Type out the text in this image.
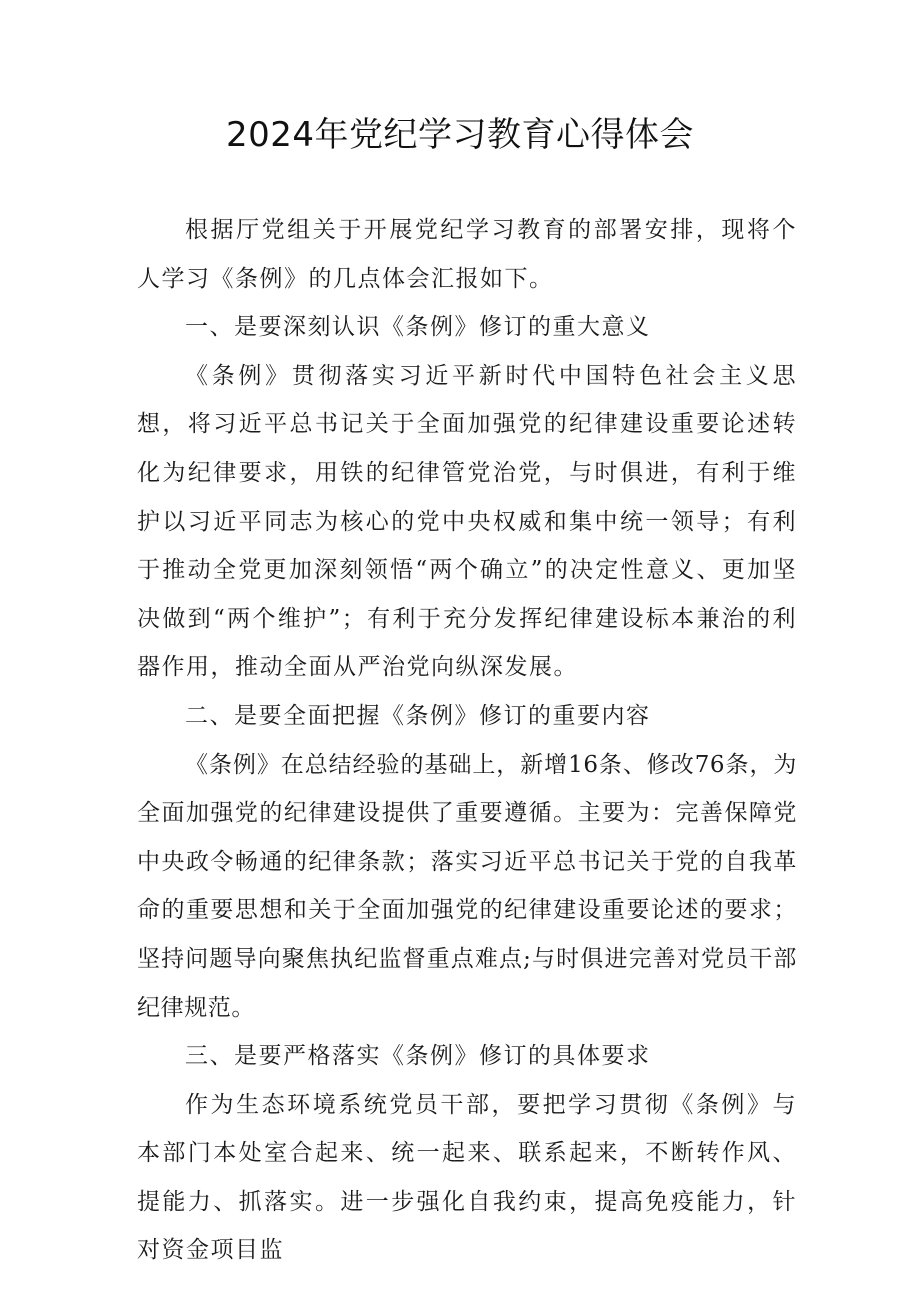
2024年党纪学习教育心得体会

根据厅党组关于开展党纪学习教育的部署安排，现将个人学习《条例》的几点体会汇报如下。

一、是要深刻认识《条例》修订的重大意义

《条例》贯彻落实习近平新时代中国特色社会主义思想，将习近平总书记关于全面加强党的纪律建设重要论述转化为纪律要求，用铁的纪律管党治党，与时俱进，有利于维护以习近平同志为核心的党中央权威和集中统一领导；有利于推动全党更加深刻领悟“两个确立”的决定性意义、更加坚决做到“两个维护”；有利于充分发挥纪律建设标本兼治的利器作用，推动全面从严治党向纵深发展。

二、是要全面把握《条例》修订的重要内容

《条例》在总结经验的基础上，新增16条、修改76条，为全面加强党的纪律建设提供了重要遵循。主要为：完善保障党中央政令畅通的纪律条款；落实习近平总书记关于党的自我革命的重要思想和关于全面加强党的纪律建设重要论述的要求；坚持问题导向聚焦执纪监督重点难点;与时俱进完善对党员干部纪律规范。

三、是要严格落实《条例》修订的具体要求

作为生态环境系统党员干部，要把学习贯彻《条例》与本部门本处室合起来、统一起来、联系起来，不断转作风、提能力、抓落实。进一步强化自我约束，提高免疫能力，针对资金项目监
